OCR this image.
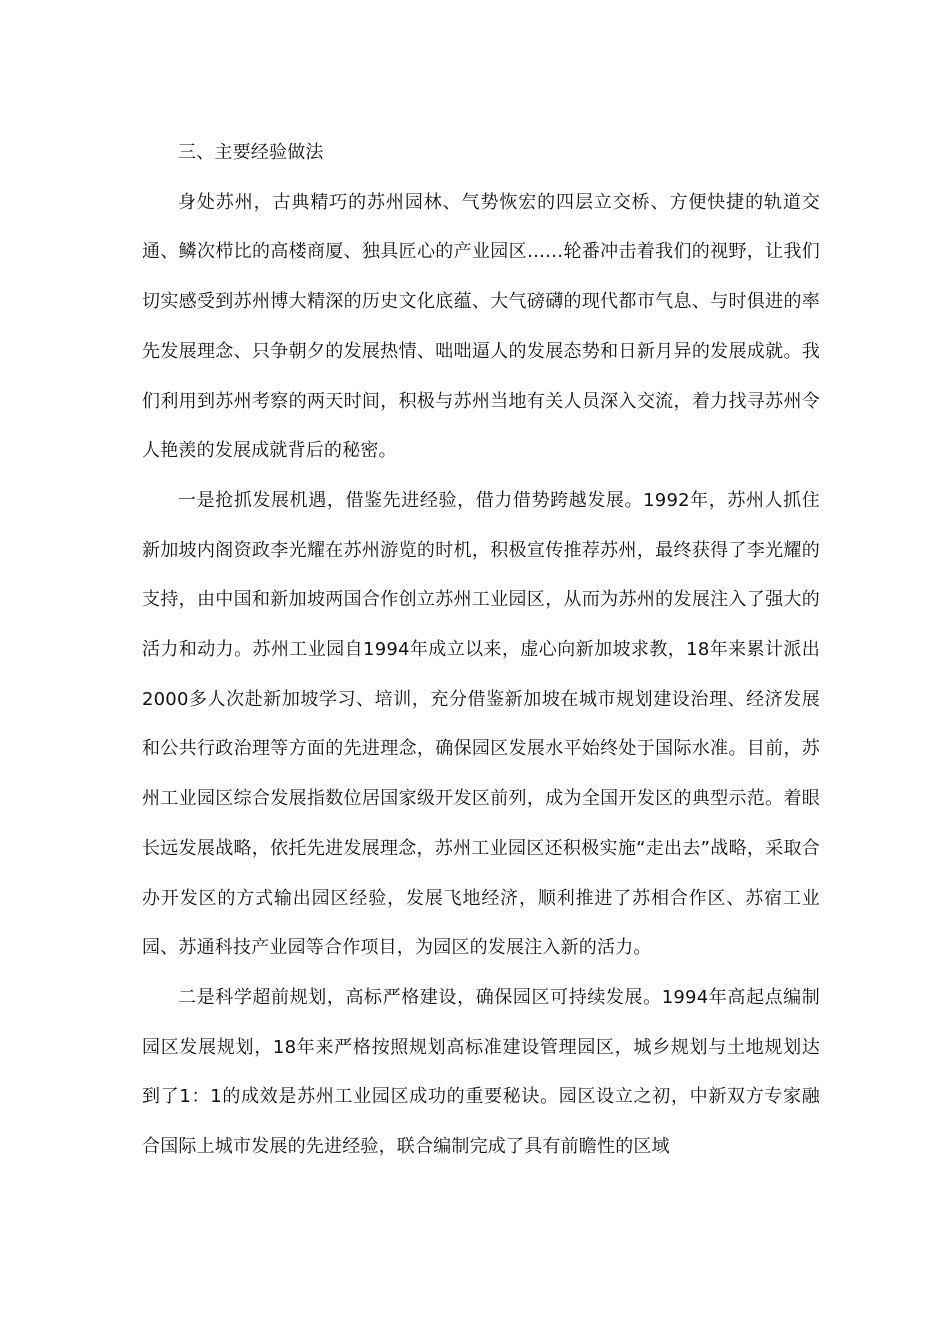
三、主要经验做法

身处苏州，古典精巧的苏州园林、气势恢宏的四层立交桥、方便快捷的轨道交通、鳞次栉比的高楼商厦、独具匠心的产业园区……轮番冲击着我们的视野，让我们切实感受到苏州博大精深的历史文化底蕴、大气磅礴的现代都市气息、与时俱进的率先发展理念、只争朝夕的发展热情、咄咄逼人的发展态势和日新月异的发展成就。我们利用到苏州考察的两天时间，积极与苏州当地有关人员深入交流，着力找寻苏州令人艳羡的发展成就背后的秘密。

一是抢抓发展机遇，借鉴先进经验，借力借势跨越发展。1992年，苏州人抓住新加坡内阁资政李光耀在苏州游览的时机，积极宣传推荐苏州，最终获得了李光耀的支持，由中国和新加坡两国合作创立苏州工业园区，从而为苏州的发展注入了强大的活力和动力。苏州工业园自1994年成立以来，虚心向新加坡求教，18年来累计派出2000多人次赴新加坡学习、培训，充分借鉴新加坡在城市规划建设治理、经济发展和公共行政治理等方面的先进理念，确保园区发展水平始终处于国际水准。目前，苏州工业园区综合发展指数位居国家级开发区前列，成为全国开发区的典型示范。着眼长远发展战略，依托先进发展理念，苏州工业园区还积极实施“走出去”战略，采取合办开发区的方式输出园区经验，发展飞地经济，顺利推进了苏相合作区、苏宿工业园、苏通科技产业园等合作项目，为园区的发展注入新的活力。

二是科学超前规划，高标严格建设，确保园区可持续发展。1994年高起点编制园区发展规划，18年来严格按照规划高标准建设管理园区，城乡规划与土地规划达到了1：1的成效是苏州工业园区成功的重要秘诀。园区设立之初，中新双方专家融合国际上城市发展的先进经验，联合编制完成了具有前瞻性的区域
